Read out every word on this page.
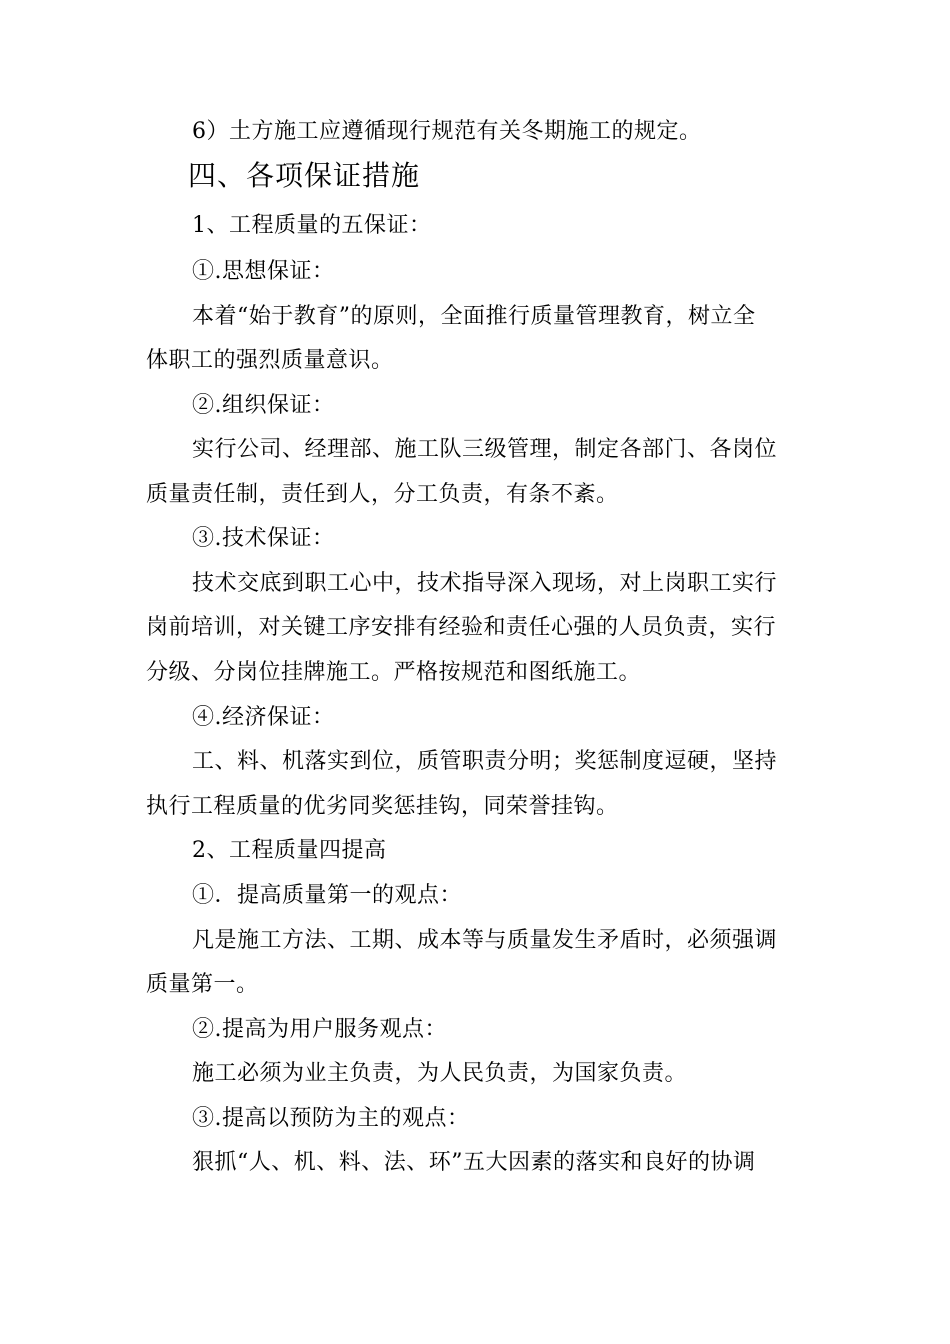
6）土方施工应遵循现行规范有关冬期施工的规定。
四、各项保证措施
1、工程质量的五保证：
①.思想保证：
本着“始于教育”的原则，全面推行质量管理教育，树立全
体职工的强烈质量意识。
②.组织保证：
实行公司、经理部、施工队三级管理，制定各部门、各岗位
质量责任制，责任到人，分工负责，有条不紊。
③.技术保证：
技术交底到职工心中，技术指导深入现场，对上岗职工实行
岗前培训，对关键工序安排有经验和责任心强的人员负责，实行
分级、分岗位挂牌施工。严格按规范和图纸施工。
④.经济保证：
工、料、机落实到位，质管职责分明；奖惩制度逗硬，坚持
执行工程质量的优劣同奖惩挂钩，同荣誉挂钩。
2、工程质量四提高
①．提高质量第一的观点：
凡是施工方法、工期、成本等与质量发生矛盾时，必须强调
质量第一。
②.提高为用户服务观点：
施工必须为业主负责，为人民负责，为国家负责。
③.提高以预防为主的观点：
狠抓“人、机、料、法、环”五大因素的落实和良好的协调
